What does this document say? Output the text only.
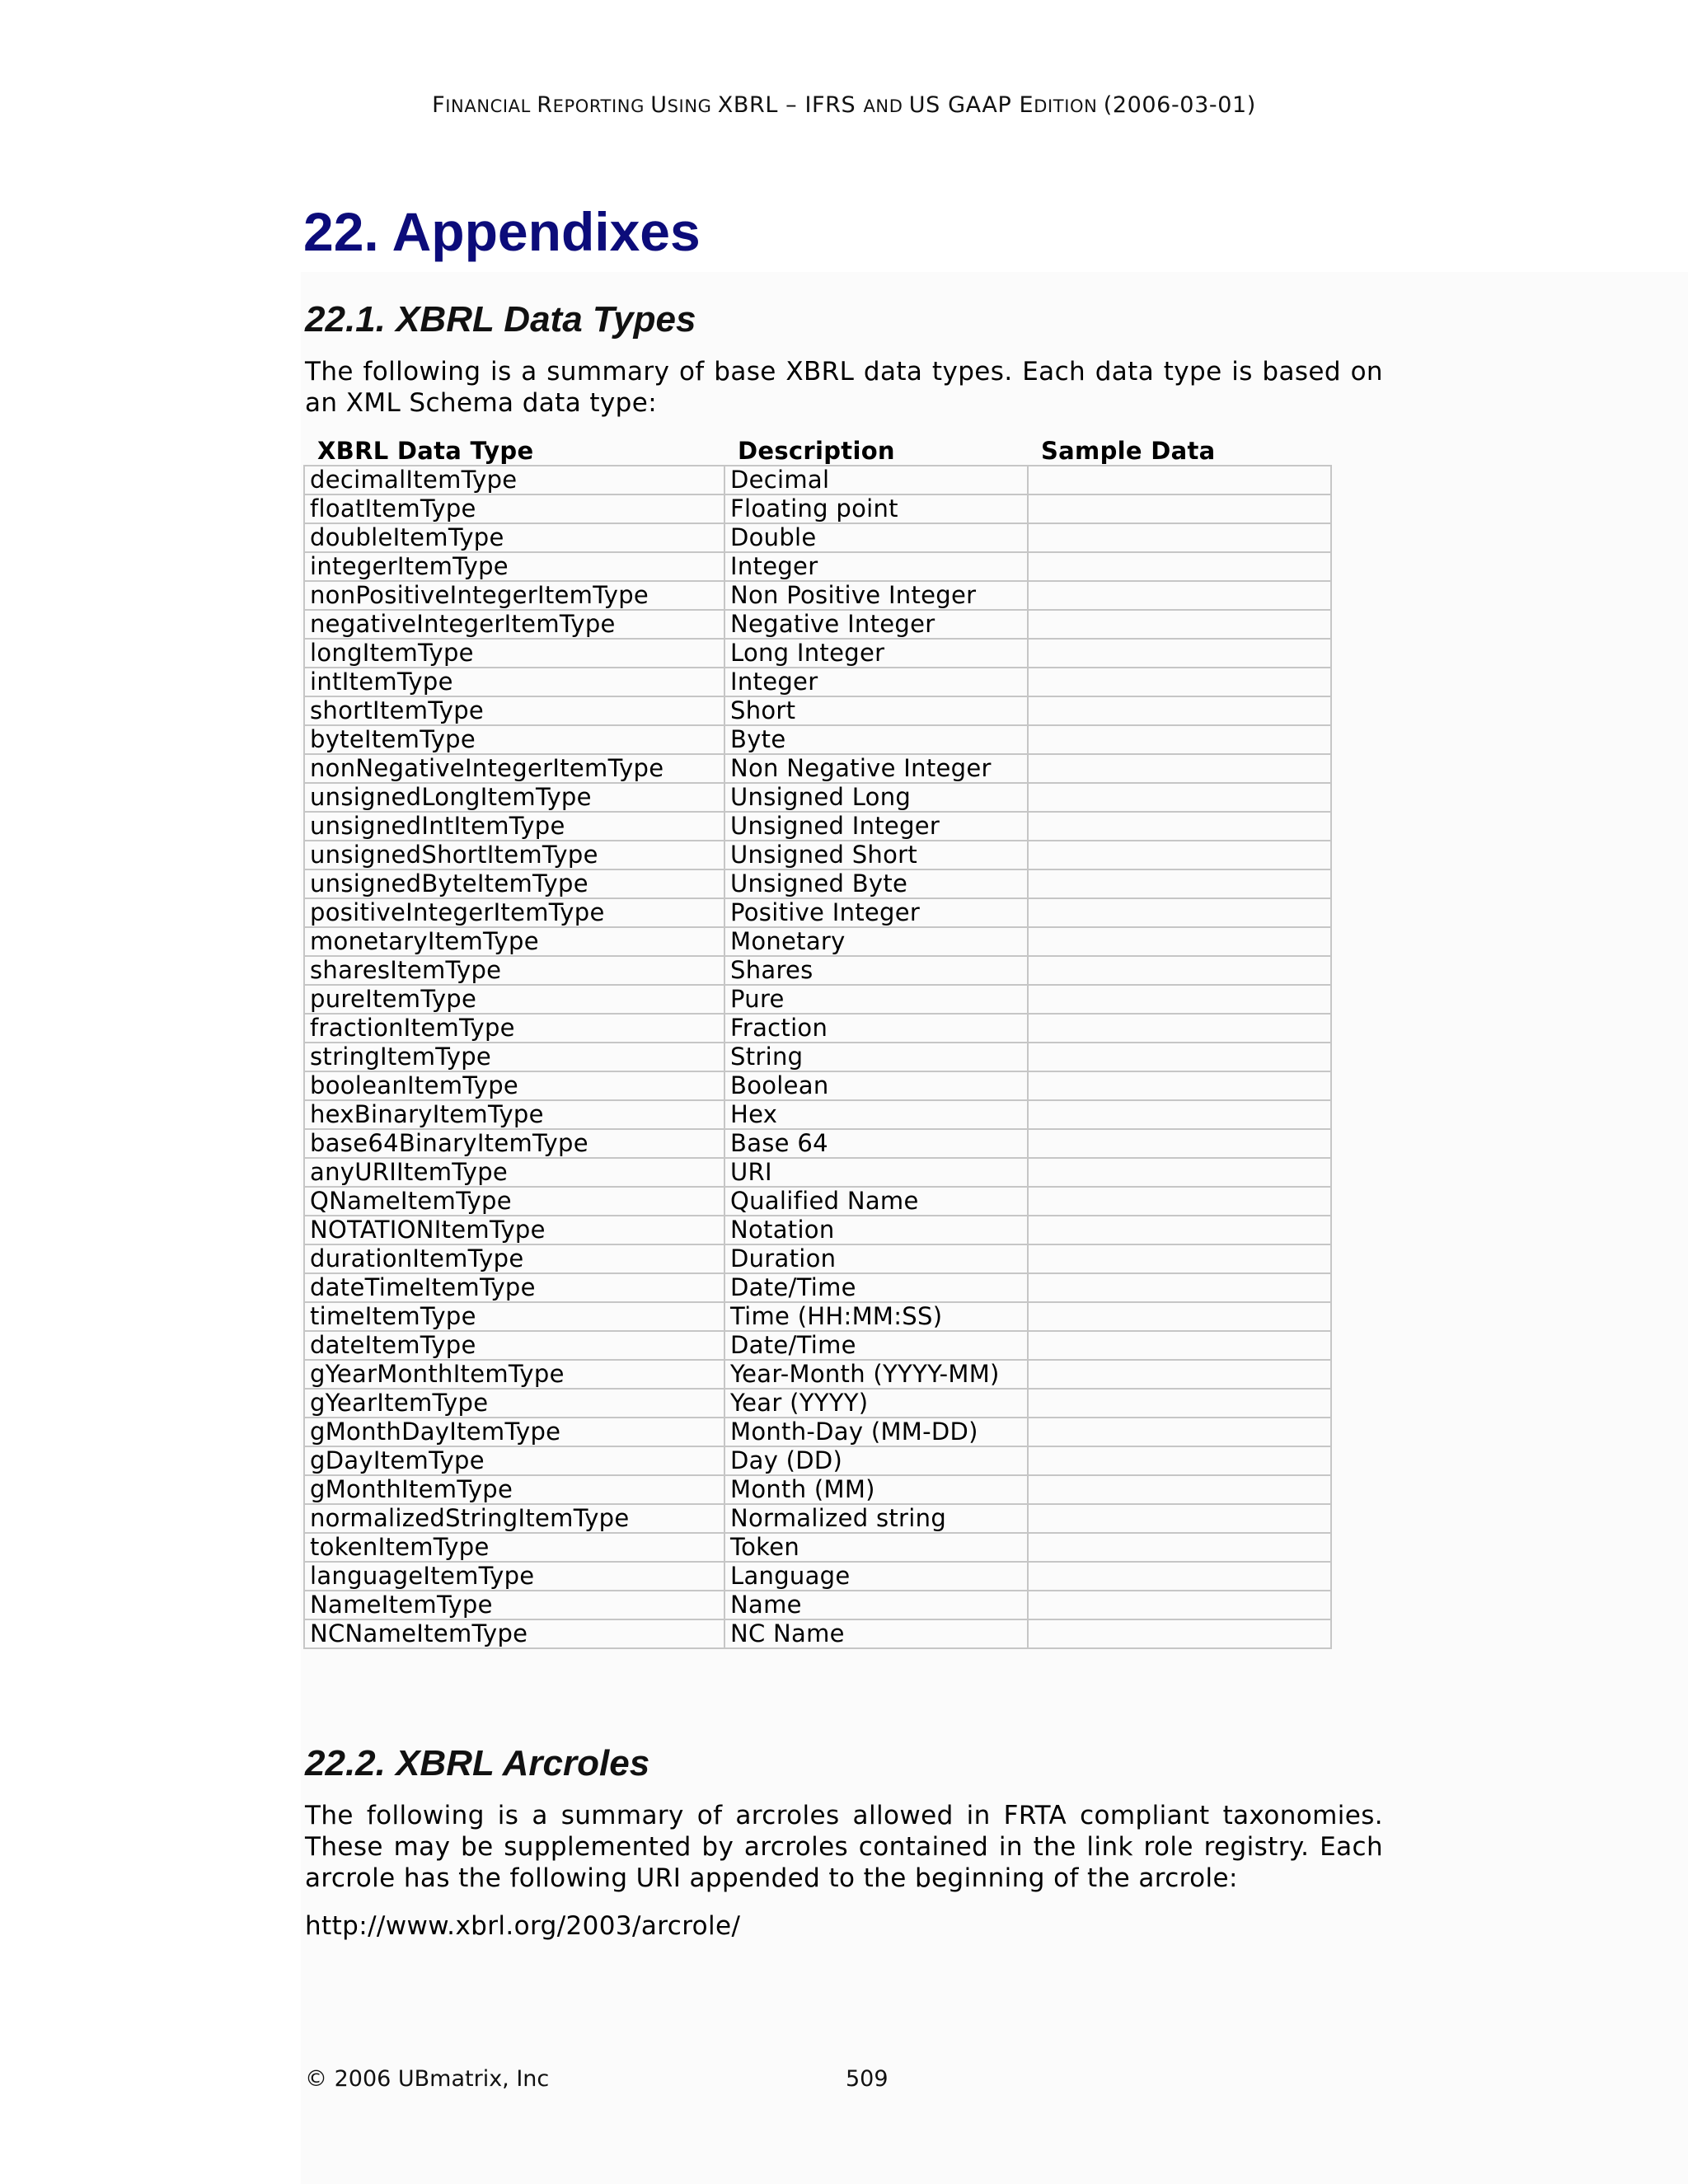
FINANCIAL REPORTING USING XBRL – IFRS AND US GAAP EDITION (2006-03-01)
22. Appendixes
22.1. XBRL Data Types

The following is a summary of base XBRL data types. Each data type is based on an XML Schema data type:

XBRL Data Type	Description	Sample Data
decimalItemType	Decimal	
floatItemType	Floating point	
doubleItemType	Double	
integerItemType	Integer	
nonPositiveIntegerItemType	Non Positive Integer	
negativeIntegerItemType	Negative Integer	
longItemType	Long Integer	
intItemType	Integer	
shortItemType	Short	
byteItemType	Byte	
nonNegativeIntegerItemType	Non Negative Integer	
unsignedLongItemType	Unsigned Long	
unsignedIntItemType	Unsigned Integer	
unsignedShortItemType	Unsigned Short	
unsignedByteItemType	Unsigned Byte	
positiveIntegerItemType	Positive Integer	
monetaryItemType	Monetary	
sharesItemType	Shares	
pureItemType	Pure	
fractionItemType	Fraction	
stringItemType	String	
booleanItemType	Boolean	
hexBinaryItemType	Hex	
base64BinaryItemType	Base 64	
anyURIItemType	URI	
QNameItemType	Qualified Name	
NOTATIONItemType	Notation	
durationItemType	Duration	
dateTimeItemType	Date/Time	
timeItemType	Time (HH:MM:SS)	
dateItemType	Date/Time	
gYearMonthItemType	Year-Month (YYYY-MM)	
gYearItemType	Year (YYYY)	
gMonthDayItemType	Month-Day (MM-DD)	
gDayItemType	Day (DD)	
gMonthItemType	Month (MM)	
normalizedStringItemType	Normalized string	
tokenItemType	Token	
languageItemType	Language	
NameItemType	Name	
NCNameItemType	NC Name	
22.2. XBRL Arcroles

The following is a summary of arcroles allowed in FRTA compliant taxonomies. These may be supplemented by arcroles contained in the link role registry. Each arcrole has the following URI appended to the beginning of the arcrole:

http://www.xbrl.org/2003/arcrole/

© 2006 UBmatrix, Inc	509
